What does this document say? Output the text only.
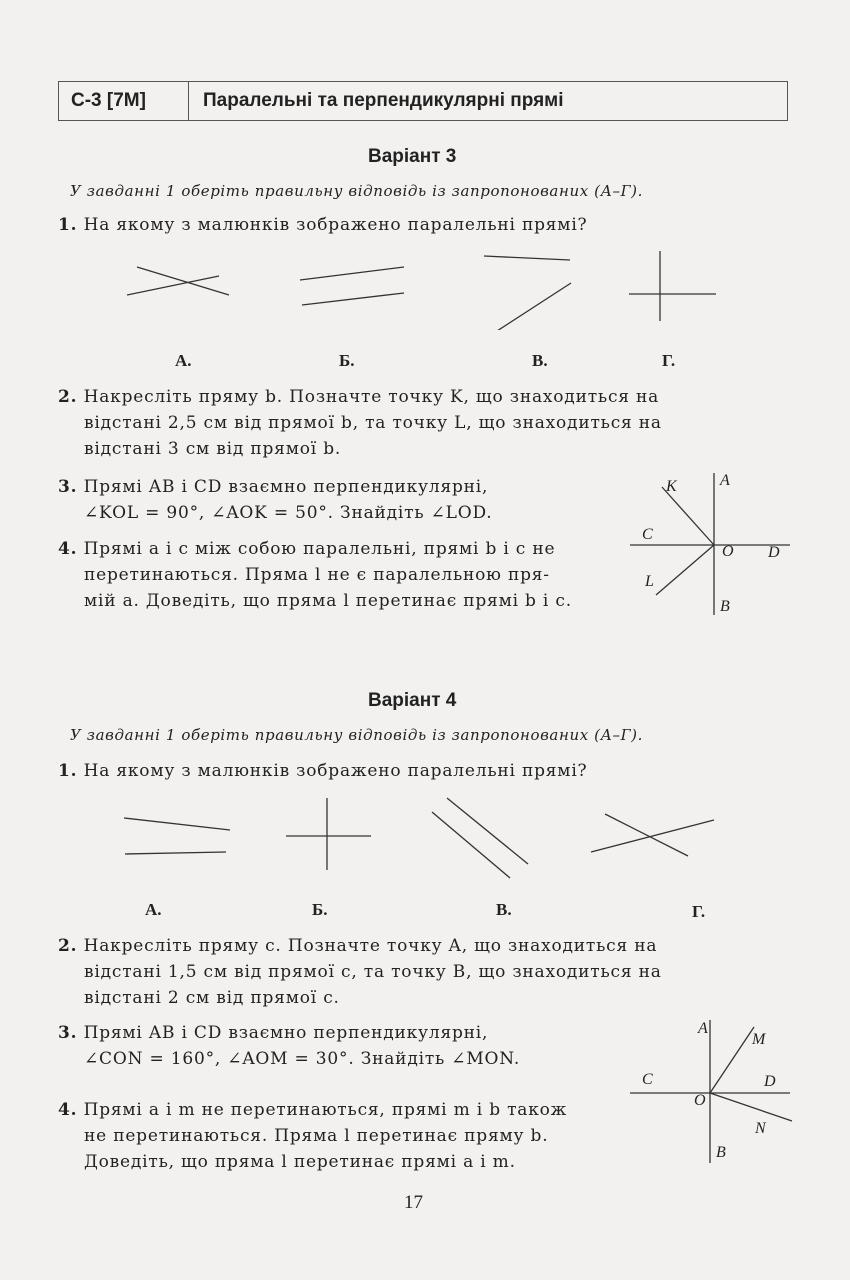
С-3 [7М]	Паралельні та перпендикулярні прямі
Варіант 3
У завданні 1 оберіть правильну відповідь із запропонованих (А–Г).
1. На якому з малюнків зображено паралельні прямі?
А.	Б.	В.	Г.
2. Накресліть пряму b. Позначте точку K, що знаходиться на
відстані 2,5 см від прямої b, та точку L, що знаходиться на
відстані 3 см від прямої b.
3. Прямі AB і CD взаємно перпендикулярні,
∠KOL = 90°, ∠AOK = 50°. Знайдіть ∠LOD.
4. Прямі a і c між собою паралельні, прямі b і c не
перетинаються. Пряма l не є паралельною пря-
мій a. Доведіть, що пряма l перетинає прямі b і c.
A
K
C
O D
L
B
Варіант 4
У завданні 1 оберіть правильну відповідь із запропонованих (А–Г).
1. На якому з малюнків зображено паралельні прямі?
А.	Б.	В.	Г.
2. Накресліть пряму c. Позначте точку A, що знаходиться на
відстані 1,5 см від прямої c, та точку B, що знаходиться на
відстані 2 см від прямої c.
3. Прямі AB і CD взаємно перпендикулярні,
∠CON = 160°, ∠AOM = 30°. Знайдіть ∠MON.
4. Прямі a і m не перетинаються, прямі m і b також
не перетинаються. Пряма l перетинає пряму b.
Доведіть, що пряма l перетинає прямі a і m.
A
M
C	D
O
N
B
17
